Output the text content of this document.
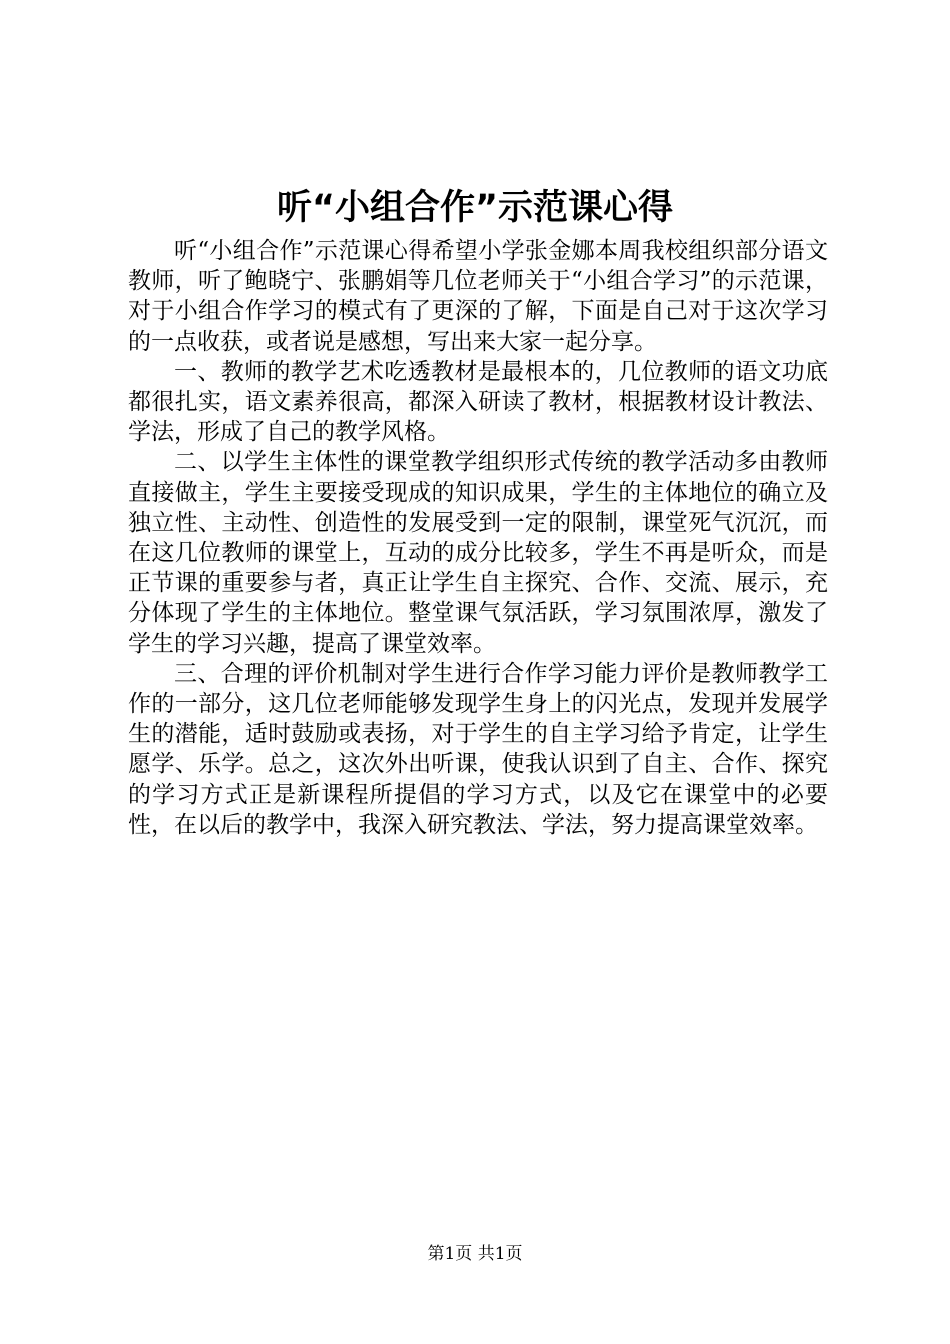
听“小组合作”示范课心得

听“小组合作”示范课心得希望小学张金娜本周我校组织部分语文教师，听了鲍晓宁、张鹏娟等几位老师关于“小组合学习”的示范课，对于小组合作学习的模式有了更深的了解，下面是自己对于这次学习的一点收获，或者说是感想，写出来大家一起分享。

一、教师的教学艺术吃透教材是最根本的，几位教师的语文功底都很扎实，语文素养很高，都深入研读了教材，根据教材设计教法、学法，形成了自己的教学风格。

二、以学生主体性的课堂教学组织形式传统的教学活动多由教师直接做主，学生主要接受现成的知识成果，学生的主体地位的确立及独立性、主动性、创造性的发展受到一定的限制，课堂死气沉沉，而在这几位教师的课堂上，互动的成分比较多，学生不再是听众，而是正节课的重要参与者，真正让学生自主探究、合作、交流、展示，充分体现了学生的主体地位。整堂课气氛活跃，学习氛围浓厚，激发了学生的学习兴趣，提高了课堂效率。

三、合理的评价机制对学生进行合作学习能力评价是教师教学工作的一部分，这几位老师能够发现学生身上的闪光点，发现并发展学生的潜能，适时鼓励或表扬，对于学生的自主学习给予肯定，让学生愿学、乐学。总之，这次外出听课，使我认识到了自主、合作、探究的学习方式正是新课程所提倡的学习方式，以及它在课堂中的必要性，在以后的教学中，我深入研究教法、学法，努力提高课堂效率。

第1页 共1页
